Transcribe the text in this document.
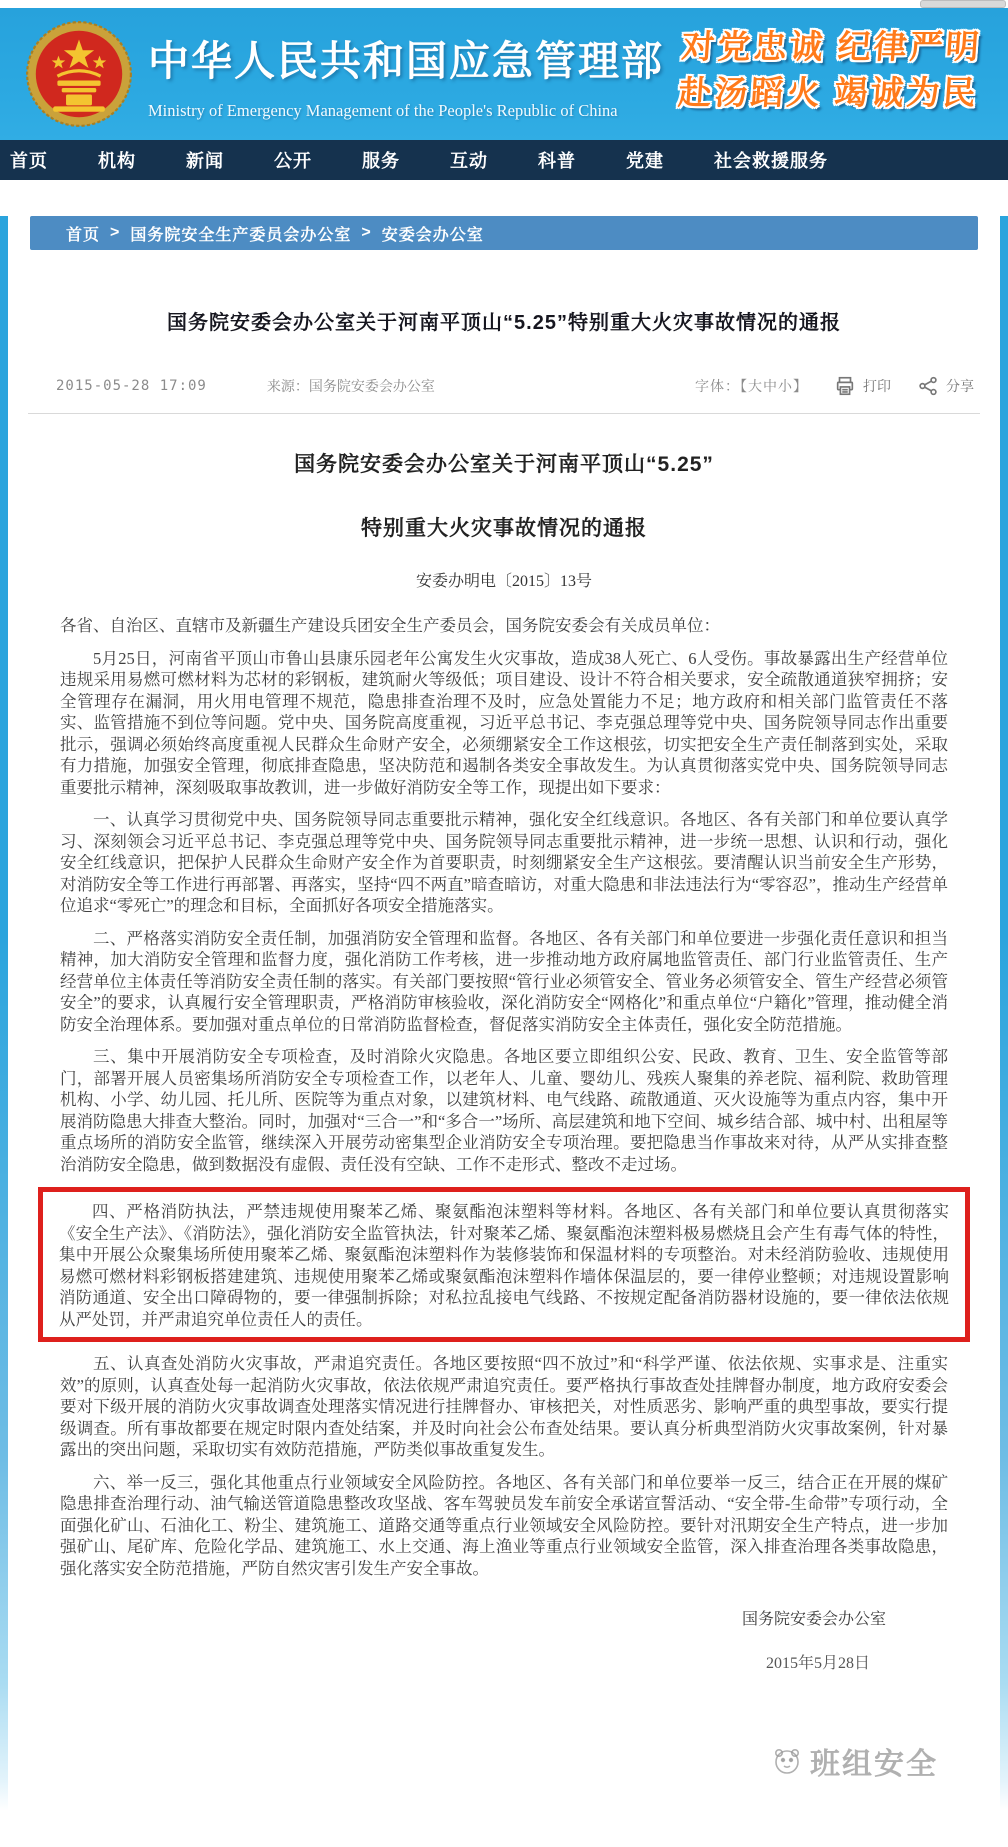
中华人民共和国应急管理部
Ministry of Emergency Management of the People's Republic of China
对党忠诚 纪律严明
赴汤蹈火 竭诚为民
首页	机构	新闻	公开	服务	互动	科普	党建	社会救援服务
首页 > 国务院安全生产委员会办公室 > 安委会办公室
国务院安委会办公室关于河南平顶山“5.25”特别重大火灾事故情况的通报
2015-05-28 17:09	来源：国务院安委会办公室	字体：【大中小】	打印	分享
国务院安委会办公室关于河南平顶山“5.25”
特别重大火灾事故情况的通报
安委办明电〔2015〕13号
各省、自治区、直辖市及新疆生产建设兵团安全生产委员会，国务院安委会有关成员单位：

5月25日，河南省平顶山市鲁山县康乐园老年公寓发生火灾事故，造成38人死亡、6人受伤。事故暴露出生产经营单位违规采用易燃可燃材料为芯材的彩钢板，建筑耐火等级低；项目建设、设计不符合相关要求，安全疏散通道狭窄拥挤；安全管理存在漏洞，用火用电管理不规范，隐患排查治理不及时，应急处置能力不足；地方政府和相关部门监管责任不落实、监管措施不到位等问题。党中央、国务院高度重视，习近平总书记、李克强总理等党中央、国务院领导同志作出重要批示，强调必须始终高度重视人民群众生命财产安全，必须绷紧安全工作这根弦，切实把安全生产责任制落到实处，采取有力措施，加强安全管理，彻底排查隐患，坚决防范和遏制各类安全事故发生。为认真贯彻落实党中央、国务院领导同志重要批示精神，深刻吸取事故教训，进一步做好消防安全等工作，现提出如下要求：

一、认真学习贯彻党中央、国务院领导同志重要批示精神，强化安全红线意识。各地区、各有关部门和单位要认真学习、深刻领会习近平总书记、李克强总理等党中央、国务院领导同志重要批示精神，进一步统一思想、认识和行动，强化安全红线意识，把保护人民群众生命财产安全作为首要职责，时刻绷紧安全生产这根弦。要清醒认识当前安全生产形势，对消防安全等工作进行再部署、再落实，坚持“四不两直”暗查暗访，对重大隐患和非法违法行为“零容忍”，推动生产经营单位追求“零死亡”的理念和目标，全面抓好各项安全措施落实。

二、严格落实消防安全责任制，加强消防安全管理和监督。各地区、各有关部门和单位要进一步强化责任意识和担当精神，加大消防安全管理和监督力度，强化消防工作考核，进一步推动地方政府属地监管责任、部门行业监管责任、生产经营单位主体责任等消防安全责任制的落实。有关部门要按照“管行业必须管安全、管业务必须管安全、管生产经营必须管安全”的要求，认真履行安全管理职责，严格消防审核验收，深化消防安全“网格化”和重点单位“户籍化”管理，推动健全消防安全治理体系。要加强对重点单位的日常消防监督检查，督促落实消防安全主体责任，强化安全防范措施。

三、集中开展消防安全专项检查，及时消除火灾隐患。各地区要立即组织公安、民政、教育、卫生、安全监管等部门，部署开展人员密集场所消防安全专项检查工作，以老年人、儿童、婴幼儿、残疾人聚集的养老院、福利院、救助管理机构、小学、幼儿园、托儿所、医院等为重点对象，以建筑材料、电气线路、疏散通道、灭火设施等为重点内容，集中开展消防隐患大排查大整治。同时，加强对“三合一”和“多合一”场所、高层建筑和地下空间、城乡结合部、城中村、出租屋等重点场所的消防安全监管，继续深入开展劳动密集型企业消防安全专项治理。要把隐患当作事故来对待，从严从实排查整治消防安全隐患，做到数据没有虚假、责任没有空缺、工作不走形式、整改不走过场。

四、严格消防执法，严禁违规使用聚苯乙烯、聚氨酯泡沫塑料等材料。各地区、各有关部门和单位要认真贯彻落实《安全生产法》、《消防法》，强化消防安全监管执法，针对聚苯乙烯、聚氨酯泡沫塑料极易燃烧且会产生有毒气体的特性，集中开展公众聚集场所使用聚苯乙烯、聚氨酯泡沫塑料作为装修装饰和保温材料的专项整治。对未经消防验收、违规使用易燃可燃材料彩钢板搭建建筑、违规使用聚苯乙烯或聚氨酯泡沫塑料作墙体保温层的，要一律停业整顿；对违规设置影响消防通道、安全出口障碍物的，要一律强制拆除；对私拉乱接电气线路、不按规定配备消防器材设施的，要一律依法依规从严处罚，并严肃追究单位责任人的责任。

五、认真查处消防火灾事故，严肃追究责任。各地区要按照“四不放过”和“科学严谨、依法依规、实事求是、注重实效”的原则，认真查处每一起消防火灾事故，依法依规严肃追究责任。要严格执行事故查处挂牌督办制度，地方政府安委会要对下级开展的消防火灾事故调查处理落实情况进行挂牌督办、审核把关，对性质恶劣、影响严重的典型事故，要实行提级调查。所有事故都要在规定时限内查处结案，并及时向社会公布查处结果。要认真分析典型消防火灾事故案例，针对暴露出的突出问题，采取切实有效防范措施，严防类似事故重复发生。

六、举一反三，强化其他重点行业领域安全风险防控。各地区、各有关部门和单位要举一反三，结合正在开展的煤矿隐患排查治理行动、油气输送管道隐患整改攻坚战、客车驾驶员发车前安全承诺宣誓活动、“安全带-生命带”专项行动，全面强化矿山、石油化工、粉尘、建筑施工、道路交通等重点行业领域安全风险防控。要针对汛期安全生产特点，进一步加强矿山、尾矿库、危险化学品、建筑施工、水上交通、海上渔业等重点行业领域安全监管，深入排查治理各类事故隐患，强化落实安全防范措施，严防自然灾害引发生产安全事故。

国务院安委会办公室
2015年5月28日
班组安全
